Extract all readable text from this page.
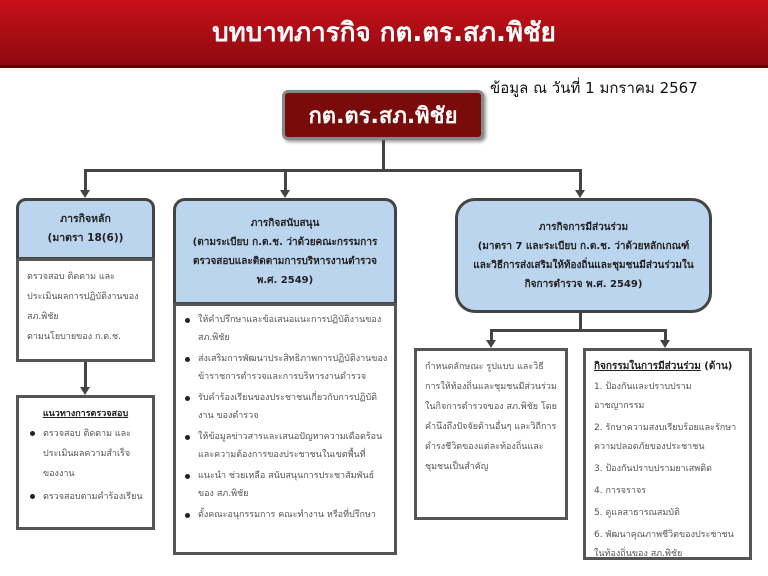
บทบาทภารกิจ กต.ตร.สภ.พิชัย
ข้อมูล ณ วันที่ 1 มกราคม 2567
กต.ตร.สภ.พิชัย
ภารกิจหลัก
(มาตรา 18(6))
ตรวจสอบ ติดตาม และประเมินผลการปฏิบัติงานของ สภ.พิชัย
ตามนโยบายของ ก.ต.ช.
แนวทางการตรวจสอบ
ตรวจสอบ ติดตาม และประเมินผลความสำเร็จของงาน
ตรวจสอบตามคำร้องเรียน
ภารกิจสนับสนุน
(ตามระเบียบ ก.ต.ช. ว่าด้วยคณะกรรมการตรวจสอบและติดตามการบริหารงานตำรวจ พ.ศ. 2549)
ให้คำปรึกษาและข้อเสนอแนะการปฏิบัติงานของ สภ.พิชัย
ส่งเสริมการพัฒนาประสิทธิภาพการปฏิบัติงานของข้าราชการตำรวจและการบริหารงานตำรวจ
รับคำร้องเรียนของประชาชนเกี่ยวกับการปฏิบัติงาน ของตำรวจ
ให้ข้อมูลข่าวสารและเสนอปัญหาความเดือดร้อนและความต้องการของประชาชนในเขตพื้นที่
แนะนำ ช่วยเหลือ สนับสนุนการประชาสัมพันธ์ของ สภ.พิชัย
ตั้งคณะอนุกรรมการ คณะทำงาน หรือที่ปรึกษา
ภารกิจการมีส่วนร่วม
(มาตรา 7 และระเบียบ ก.ต.ช. ว่าด้วยหลักเกณฑ์และวิธีการส่งเสริมให้ท้องถิ่นและชุมชนมีส่วนร่วมในกิจการตำรวจ พ.ศ. 2549)
กำหนดลักษณะ รูปแบบ และวิธีการให้ท้องถิ่นและชุมชนมีส่วนร่วมในกิจการตำรวจของ สภ.พิชัย โดยคำนึงถึงปัจจัยด้านอื่นๆ และวิถีการดำรงชีวิตของแต่ละท้องถิ่นและชุมชนเป็นสำคัญ
กิจกรรมในการมีส่วนร่วม (ด้าน)
1. ป้องกันและปราบปรามอาชญากรรม
2. รักษาความสงบเรียบร้อยและรักษาความปลอดภัยของประชาชน
3. ป้องกันปราบปรามยาเสพติด
4. การจราจร
5. ดูแลสาธารณสมบัติ
6. พัฒนาคุณภาพชีวิตของประชาชนในท้องถิ่นของ สภ.พิชัย
